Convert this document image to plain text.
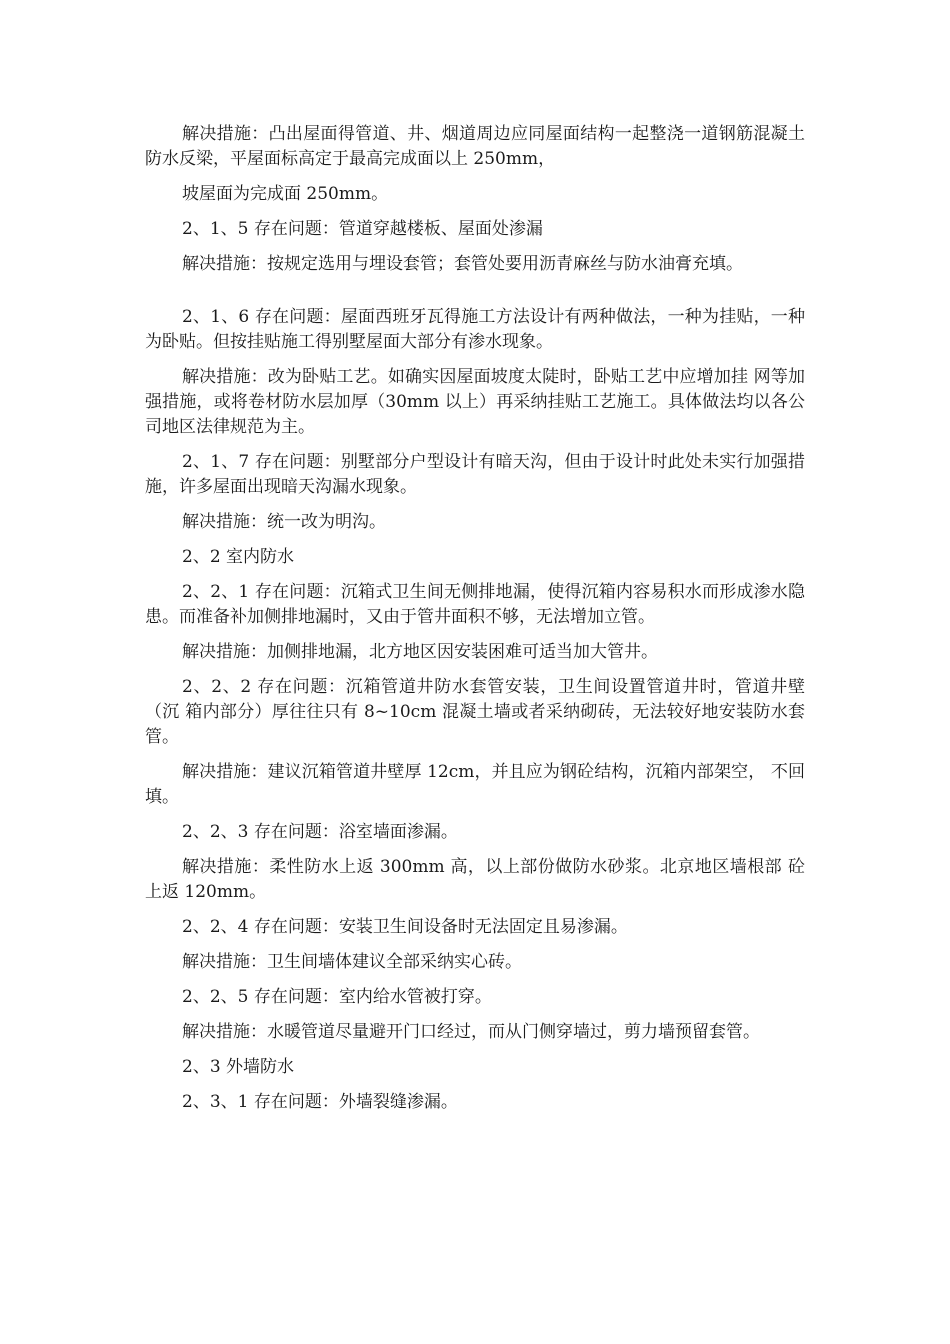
解决措施：凸出屋面得管道、井、烟道周边应同屋面结构一起整浇一道钢筋混凝土防水反梁，平屋面标高定于最高完成面以上 250mm，

坡屋面为完成面 250mm。

2、1、5 存在问题：管道穿越楼板、屋面处渗漏

解决措施：按规定选用与埋设套管；套管处要用沥青麻丝与防水油膏充填。

2、1、6 存在问题：屋面西班牙瓦得施工方法设计有两种做法，一种为挂贴，一种为卧贴。但按挂贴施工得别墅屋面大部分有渗水现象。

解决措施：改为卧贴工艺。如确实因屋面坡度太陡时，卧贴工艺中应增加挂 网等加强措施，或将卷材防水层加厚（30mm 以上）再采纳挂贴工艺施工。具体做法均以各公司地区法律规范为主。

2、1、7 存在问题：别墅部分户型设计有暗天沟，但由于设计时此处未实行加强措 施，许多屋面出现暗天沟漏水现象。

解决措施：统一改为明沟。

2、2 室内防水

2、2、1 存在问题：沉箱式卫生间无侧排地漏，使得沉箱内容易积水而形成渗水隐患。而准备补加侧排地漏时，又由于管井面积不够，无法增加立管。

解决措施：加侧排地漏，北方地区因安装困难可适当加大管井。

2、2、2 存在问题：沉箱管道井防水套管安装，卫生间设置管道井时，管道井壁（沉 箱内部分）厚往往只有 8~10cm 混凝土墙或者采纳砌砖，无法较好地安装防水套管。

解决措施：建议沉箱管道井壁厚 12cm，并且应为钢砼结构，沉箱内部架空， 不回填。

2、2、3 存在问题：浴室墙面渗漏。

解决措施：柔性防水上返 300mm 高，以上部份做防水砂浆。北京地区墙根部 砼上返 120mm。

2、2、4 存在问题：安装卫生间设备时无法固定且易渗漏。

解决措施：卫生间墙体建议全部采纳实心砖。

2、2、5 存在问题：室内给水管被打穿。

解决措施：水暖管道尽量避开门口经过，而从门侧穿墙过，剪力墙预留套管。

2、3 外墙防水

2、3、1 存在问题：外墙裂缝渗漏。
